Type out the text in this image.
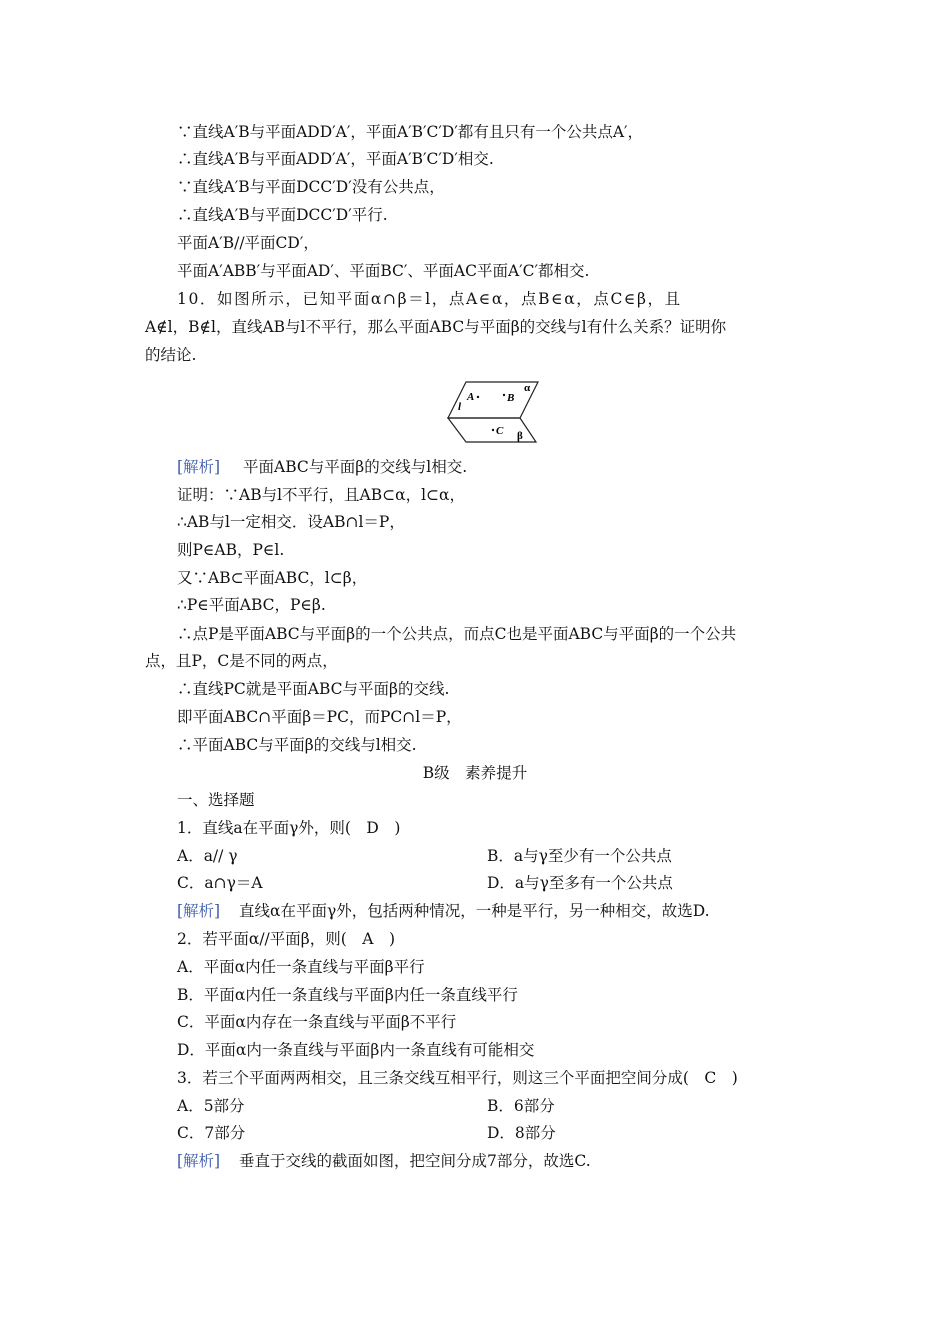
∵直线A′B与平面ADD′A′，平面A′B′C′D′都有且只有一个公共点A′，
∴直线A′B与平面ADD′A′，平面A′B′C′D′相交.
∵直线A′B与平面DCC′D′没有公共点，
∴直线A′B与平面DCC′D′平行.
平面A′B//平面CD′，
平面A′ABB′与平面AD′、平面BC′、平面AC平面A′C′都相交.
10．如图所示，已知平面α∩β＝l，点A∈α，点B∈α，点C∈β，且
A∉l，B∉l，直线AB与l不平行，那么平面ABC与平面β的交线与l有什么关系？证明你
的结论.
A	B
α
l
C β
[解析] 平面ABC与平面β的交线与l相交.
证明：∵AB与l不平行，且AB⊂α，l⊂α，
∴AB与l一定相交．设AB∩l＝P，
则P∈AB，P∈l.
又∵AB⊂平面ABC，l⊂β，
∴P∈平面ABC，P∈β.
∴点P是平面ABC与平面β的一个公共点，而点C也是平面ABC与平面β的一个公共
点，且P，C是不同的两点，
∴直线PC就是平面ABC与平面β的交线.
即平面ABC∩平面β＝PC，而PC∩l＝P，
∴平面ABC与平面β的交线与l相交.
B级　素养提升
一、选择题
1．直线a在平面γ外，则(　D　)
A．a// γ	B．a与γ至少有一个公共点
C．a∩γ＝A	D．a与γ至多有一个公共点
[解析] 直线α在平面γ外，包括两种情况，一种是平行，另一种相交，故选D.
2．若平面α//平面β，则(　A　)
A．平面α内任一条直线与平面β平行
B．平面α内任一条直线与平面β内任一条直线平行
C．平面α内存在一条直线与平面β不平行
D．平面α内一条直线与平面β内一条直线有可能相交
3．若三个平面两两相交，且三条交线互相平行，则这三个平面把空间分成(　C　)
A．5部分	B．6部分
C．7部分	D．8部分
[解析] 垂直于交线的截面如图，把空间分成7部分，故选C.
